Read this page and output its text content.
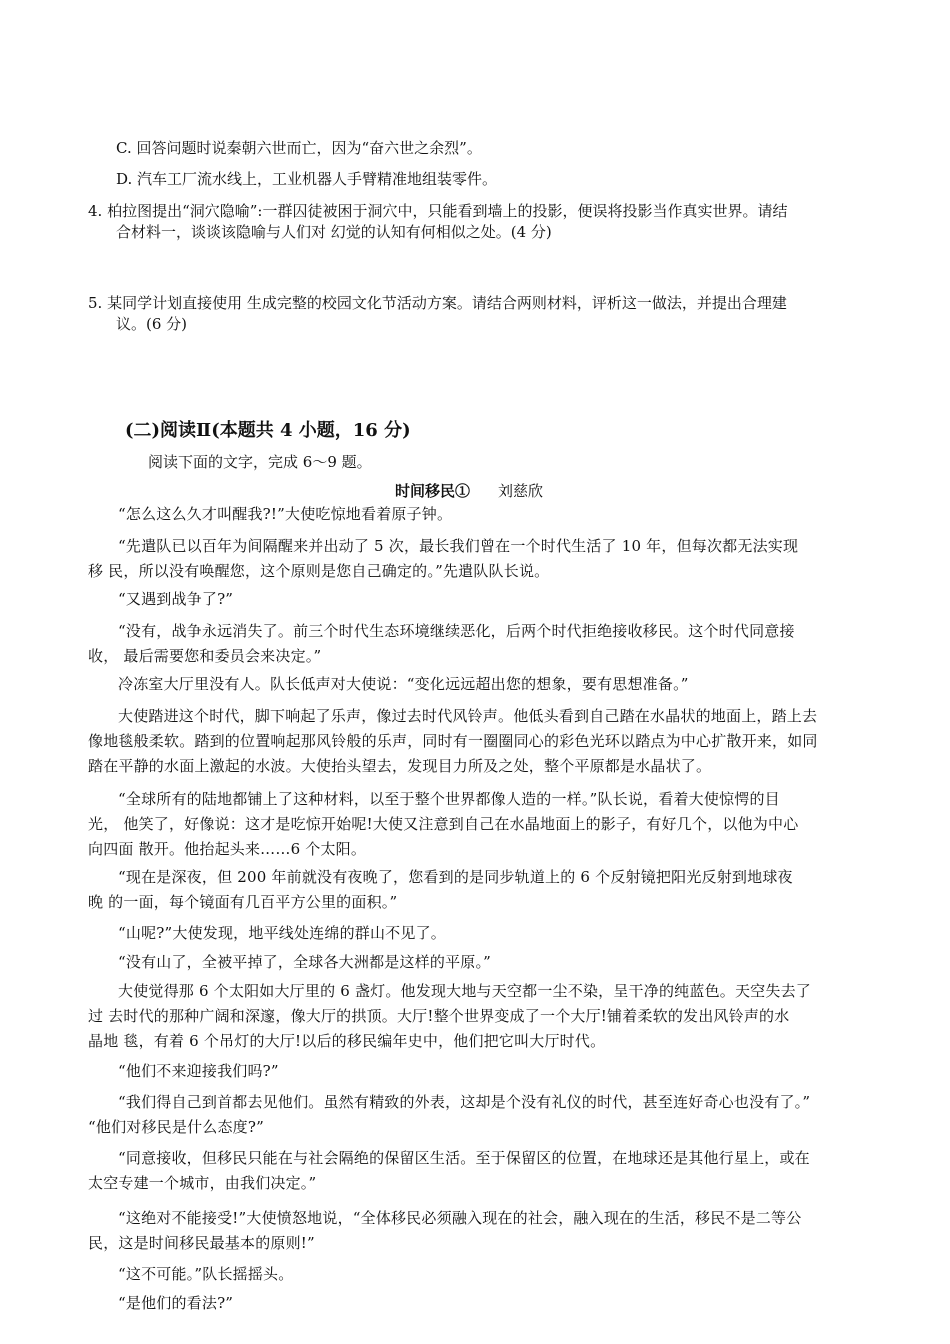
C. 回答问题时说秦朝六世而亡，因为“奋六世之余烈”。
D. 汽车工厂流水线上，工业机器人手臂精准地组装零件。
4. 柏拉图提出“洞穴隐喻”:一群囚徒被困于洞穴中，只能看到墙上的投影，便误将投影当作真实世界。请结
合材料一，谈谈该隐喻与人们对 幻觉的认知有何相似之处。(4 分)
5. 某同学计划直接使用 生成完整的校园文化节活动方案。请结合两则材料，评析这一做法，并提出合理建
议。(6 分)
(二)阅读Ⅱ(本题共 4 小题，16 分)
阅读下面的文字，完成 6～9 题。
时间移民① 刘慈欣
“怎么这么久才叫醒我?!”大使吃惊地看着原子钟。
“先遣队已以百年为间隔醒来并出动了 5 次，最长我们曾在一个时代生活了 10 年，但每次都无法实现
移 民，所以没有唤醒您，这个原则是您自己确定的。”先遣队队长说。
“又遇到战争了?”
“没有，战争永远消失了。前三个时代生态环境继续恶化，后两个时代拒绝接收移民。这个时代同意接
收， 最后需要您和委员会来决定。”
冷冻室大厅里没有人。队长低声对大使说：“变化远远超出您的想象，要有思想准备。”
大使踏进这个时代，脚下响起了乐声，像过去时代风铃声。他低头看到自己踏在水晶状的地面上，踏上去
像地毯般柔软。踏到的位置响起那风铃般的乐声，同时有一圈圈同心的彩色光环以踏点为中心扩散开来，如同
踏在平静的水面上激起的水波。大使抬头望去，发现目力所及之处，整个平原都是水晶状了。
“全球所有的陆地都铺上了这种材料，以至于整个世界都像人造的一样。”队长说，看着大使惊愕的目
光， 他笑了，好像说：这才是吃惊开始呢!大使又注意到自己在水晶地面上的影子，有好几个，以他为中心
向四面 散开。他抬起头来……6 个太阳。
“现在是深夜，但 200 年前就没有夜晚了，您看到的是同步轨道上的 6 个反射镜把阳光反射到地球夜
晚 的一面，每个镜面有几百平方公里的面积。”
“山呢?”大使发现，地平线处连绵的群山不见了。
“没有山了，全被平掉了，全球各大洲都是这样的平原。”
大使觉得那 6 个太阳如大厅里的 6 盏灯。他发现大地与天空都一尘不染，呈干净的纯蓝色。天空失去了
过 去时代的那种广阔和深邃，像大厅的拱顶。大厅!整个世界变成了一个大厅!铺着柔软的发出风铃声的水
晶地 毯，有着 6 个吊灯的大厅!以后的移民编年史中，他们把它叫大厅时代。
“他们不来迎接我们吗?”
“我们得自己到首都去见他们。虽然有精致的外表，这却是个没有礼仪的时代，甚至连好奇心也没有了。”
“他们对移民是什么态度?”
“同意接收，但移民只能在与社会隔绝的保留区生活。至于保留区的位置，在地球还是其他行星上，或在
太空专建一个城市，由我们决定。”
“这绝对不能接受!”大使愤怒地说，“全体移民必须融入现在的社会，融入现在的生活，移民不是二等公
民，这是时间移民最基本的原则!”
“这不可能。”队长摇摇头。
“是他们的看法?”
